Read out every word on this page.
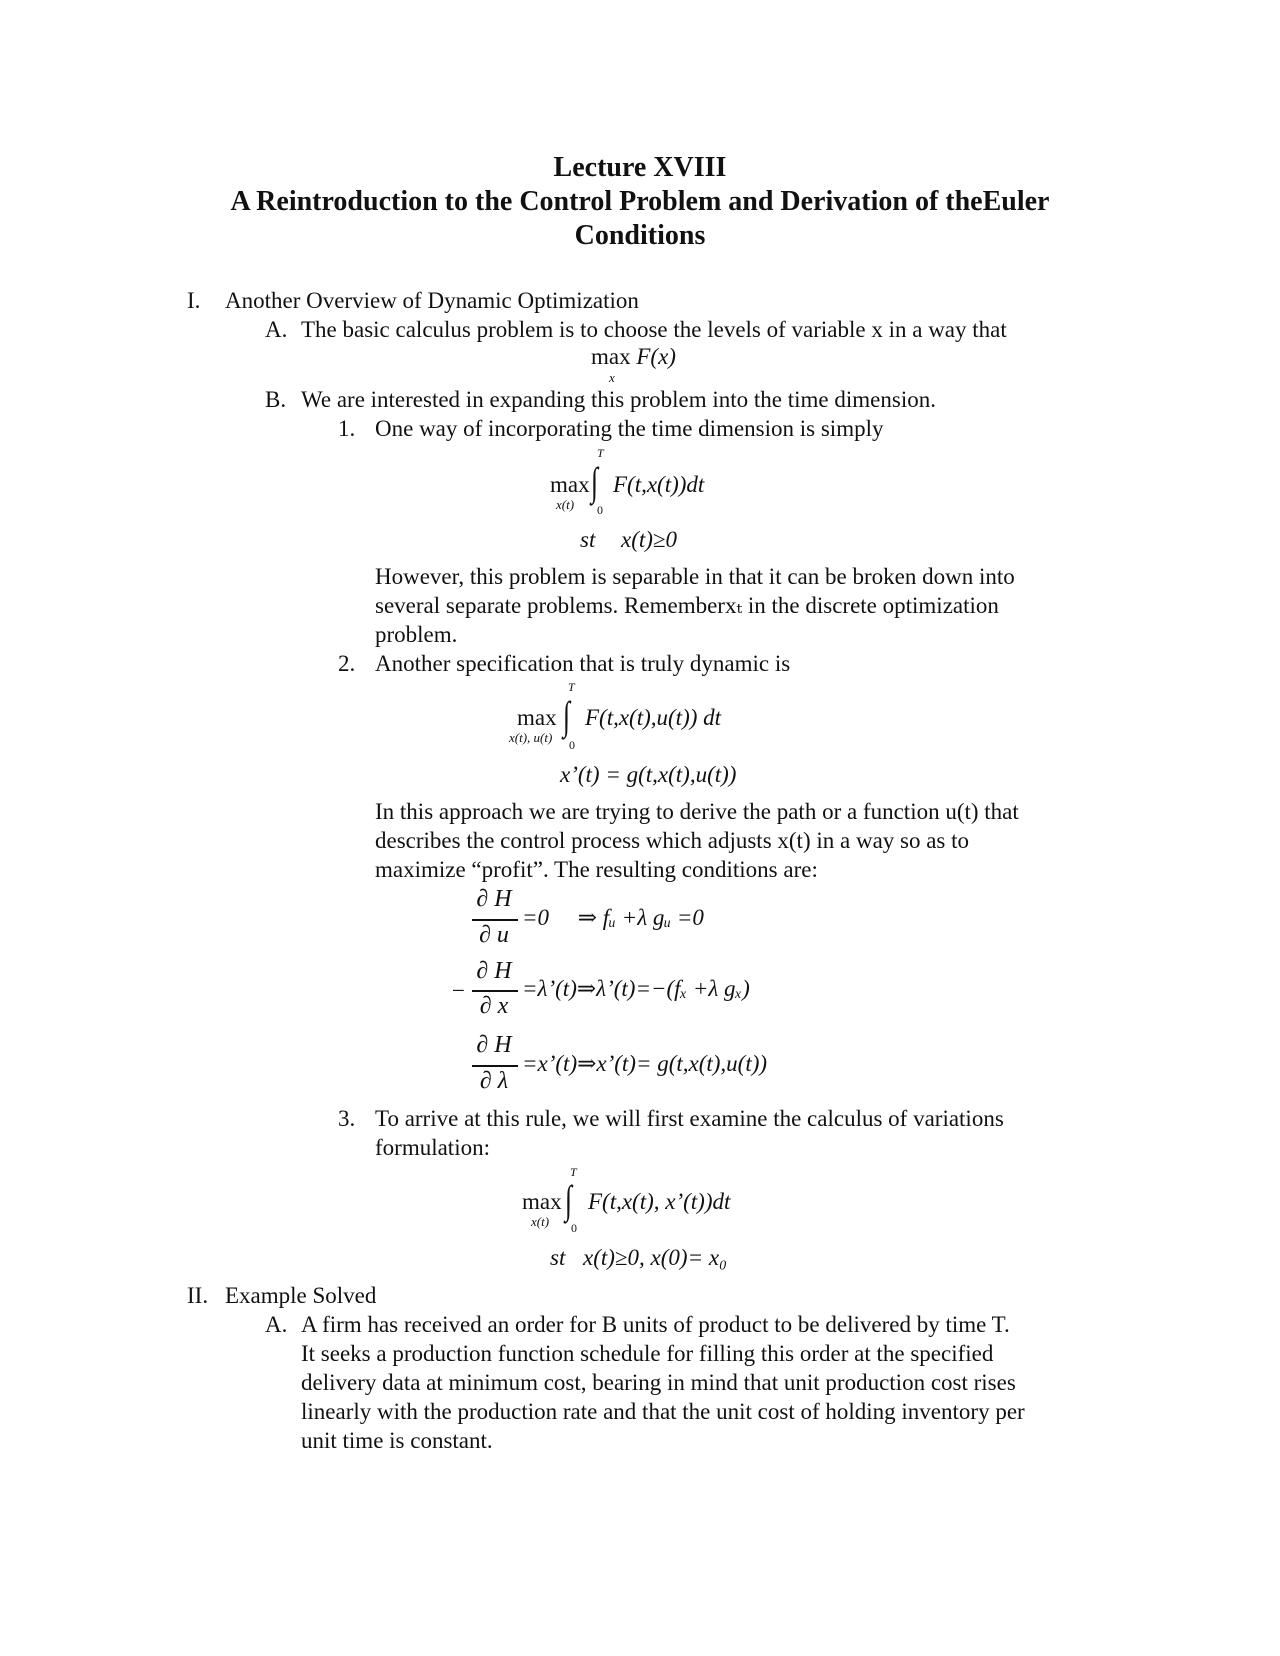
Lecture XVIII
A Reintroduction to the Control Problem and Derivation of theEuler
Conditions
I. Another Overview of Dynamic Optimization
A. The basic calculus problem is to choose the levels of variable x in a way that
max F(x)
x
B. We are interested in expanding this problem into the time dimension.
1. One way of incorporating the time dimension is simply
T
max ∫ F(t,x(t))dt
x(t) 0
st x(t)≥0
However, this problem is separable in that it can be broken down into
several separate problems. Rememberxₜ in the discrete optimization
problem.
2. Another specification that is truly dynamic is
T
max ∫ F(t,x(t),u(t)) dt
x(t), u(t) 0
x’(t) = g(t,x(t),u(t))
In this approach we are trying to derive the path or a function u(t) that
describes the control process which adjusts x(t) in a way so as to
maximize “profit”. The resulting conditions are:
∂ H
∂ u
=0     ⇒ fᵤ +λ gᵤ =0
−
∂ H
∂ x
=λ’(t)⇒λ’(t)=−(fₓ +λ gₓ)
∂ H
∂ λ
=x’(t)⇒x’(t)= g(t,x(t),u(t))
3. To arrive at this rule, we will first examine the calculus of variations
formulation:
T
max ∫ F(t,x(t), x’(t))dt
x(t) 0
st x(t)≥0, x(0)= x₀
II. Example Solved
A. A firm has received an order for B units of product to be delivered by time T.
It seeks a production function schedule for filling this order at the specified
delivery data at minimum cost, bearing in mind that unit production cost rises
linearly with the production rate and that the unit cost of holding inventory per
unit time is constant.
